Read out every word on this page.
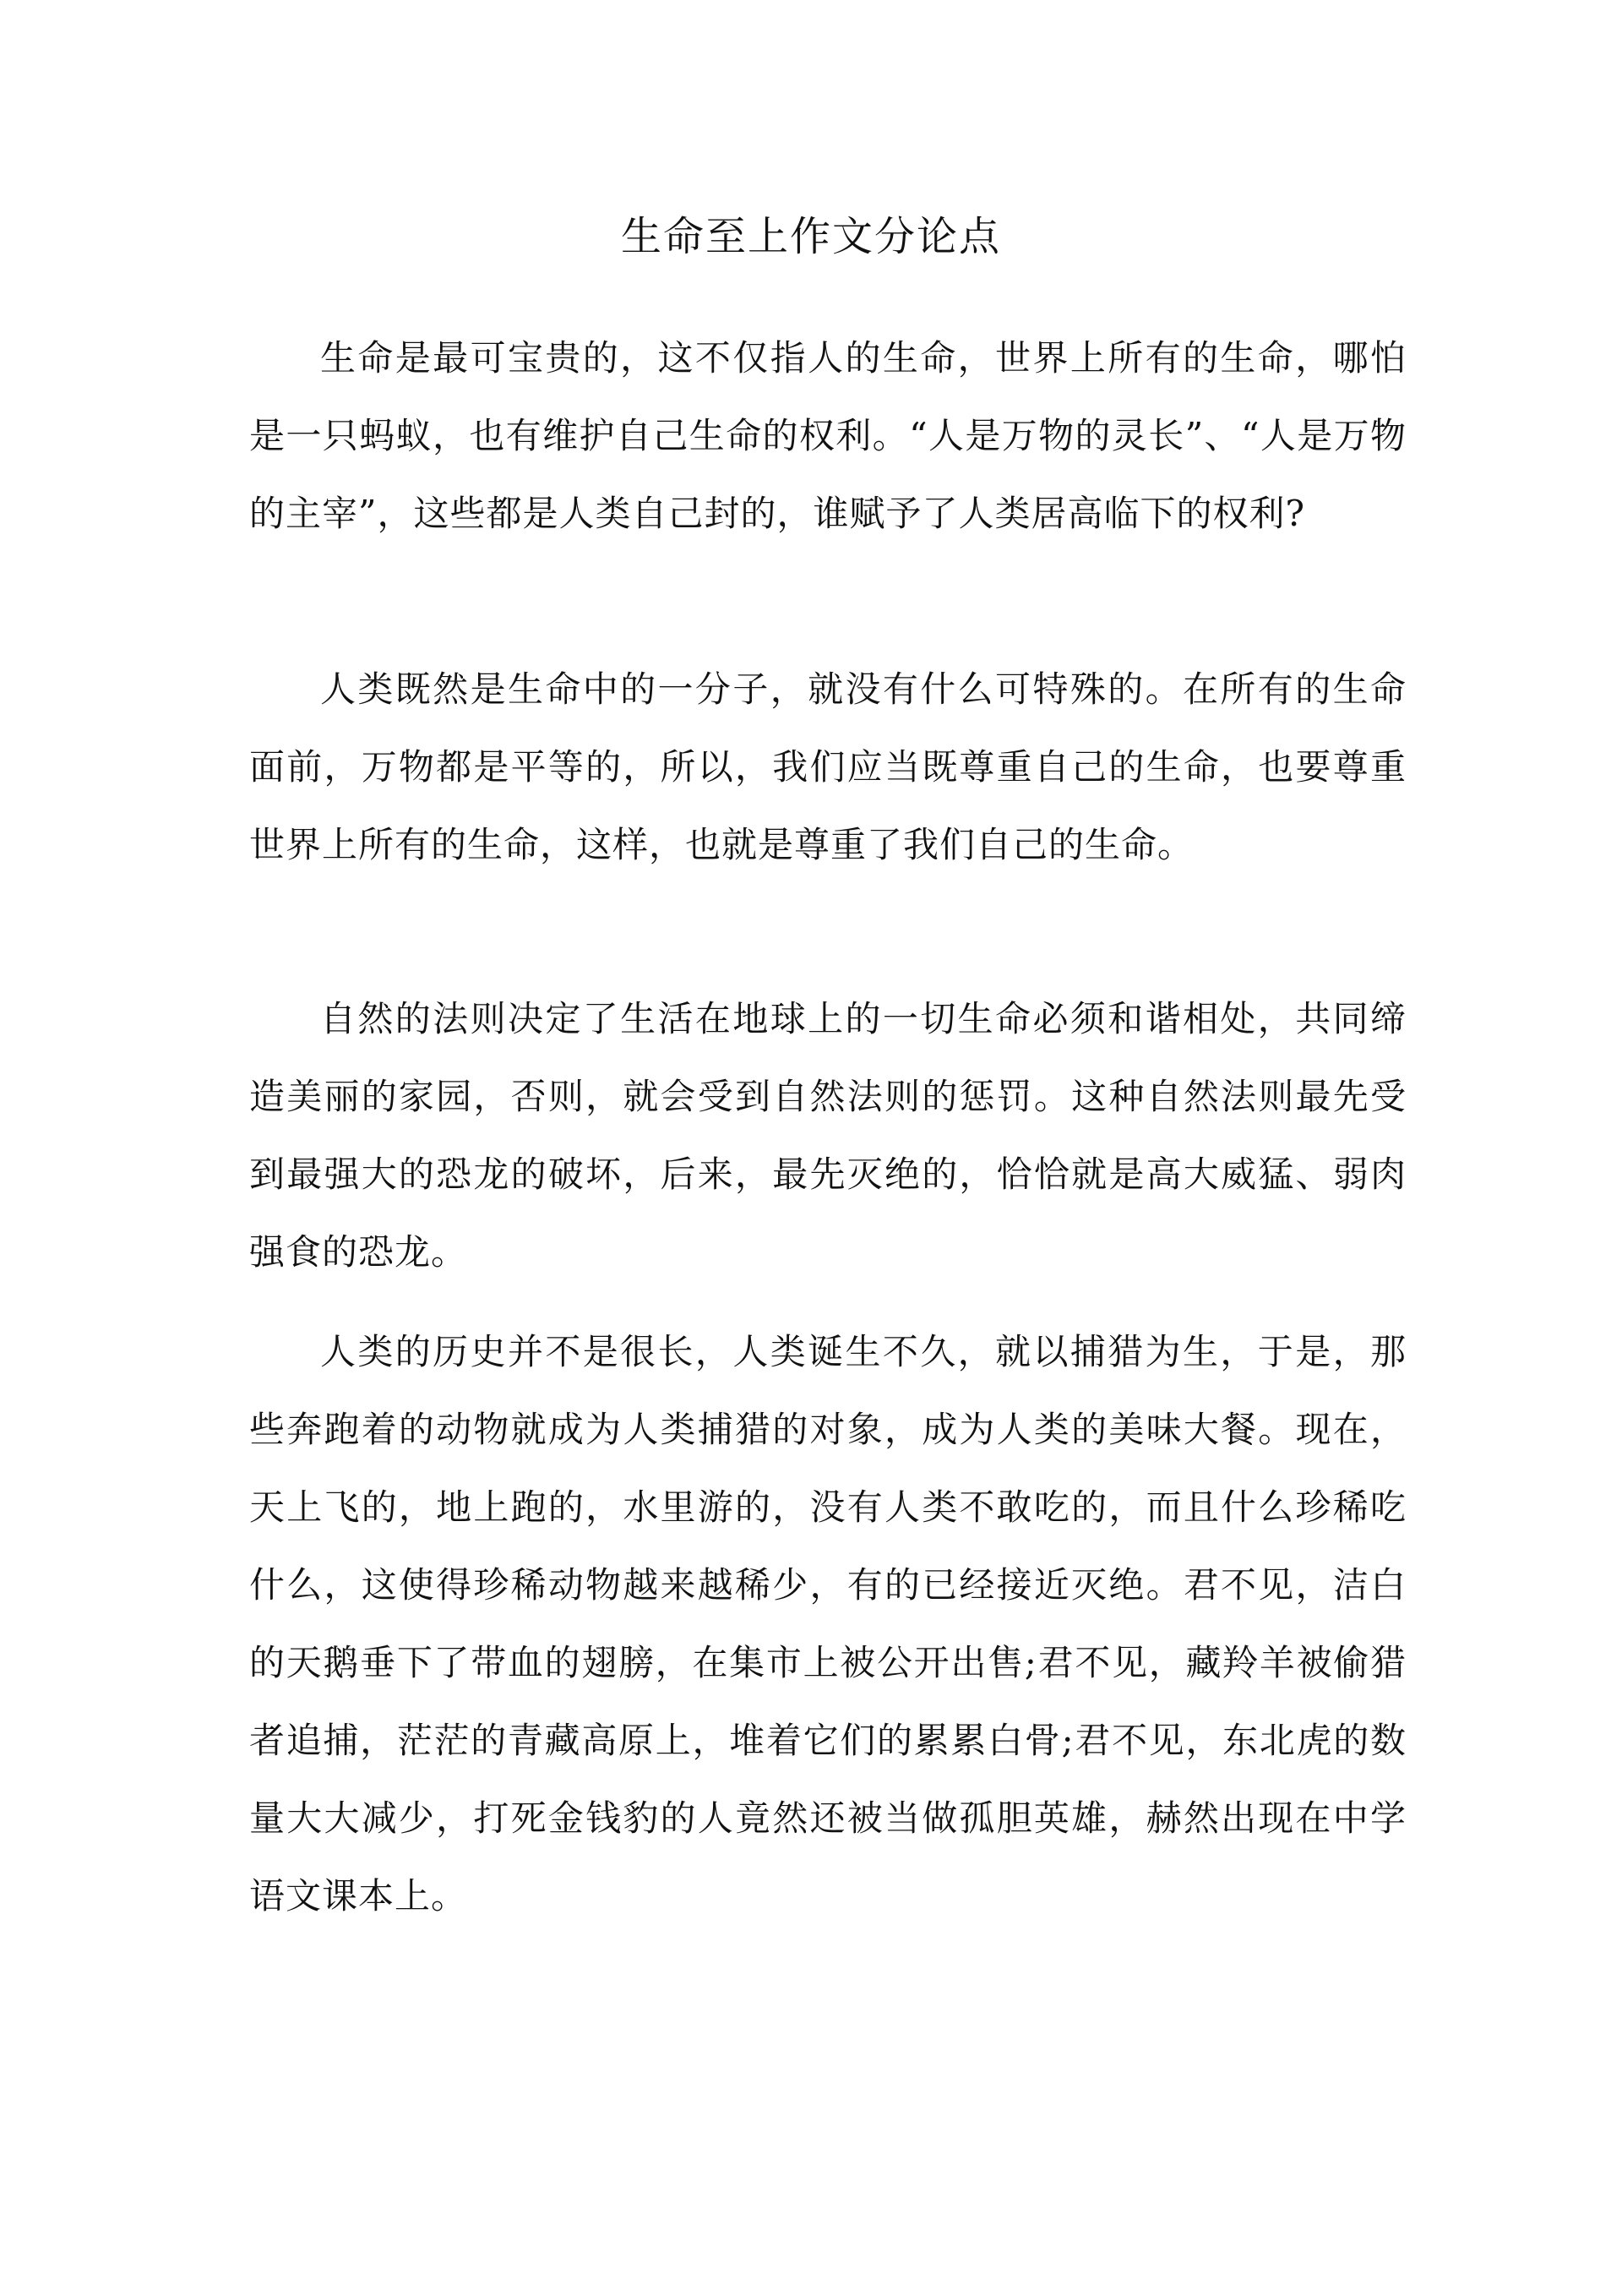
生命至上作文分论点

生命是最可宝贵的，这不仅指人的生命，世界上所有的生命，哪怕是一只蚂蚁，也有维护自己生命的权利。“人是万物的灵长”、“人是万物的主宰”，这些都是人类自己封的，谁赋予了人类居高临下的权利?

人类既然是生命中的一分子，就没有什么可特殊的。在所有的生命面前，万物都是平等的，所以，我们应当既尊重自己的生命，也要尊重世界上所有的生命，这样，也就是尊重了我们自己的生命。

自然的法则决定了生活在地球上的一切生命必须和谐相处，共同缔造美丽的家园，否则，就会受到自然法则的惩罚。这种自然法则最先受到最强大的恐龙的破坏，后来，最先灭绝的，恰恰就是高大威猛、弱肉强食的恐龙。

人类的历史并不是很长，人类诞生不久，就以捕猎为生，于是，那些奔跑着的动物就成为人类捕猎的对象，成为人类的美味大餐。现在，天上飞的，地上跑的，水里游的，没有人类不敢吃的，而且什么珍稀吃什么，这使得珍稀动物越来越稀少，有的已经接近灭绝。君不见，洁白的天鹅垂下了带血的翅膀，在集市上被公开出售;君不见，藏羚羊被偷猎者追捕，茫茫的青藏高原上，堆着它们的累累白骨;君不见，东北虎的数量大大减少，打死金钱豹的人竟然还被当做孤胆英雄，赫然出现在中学语文课本上。
